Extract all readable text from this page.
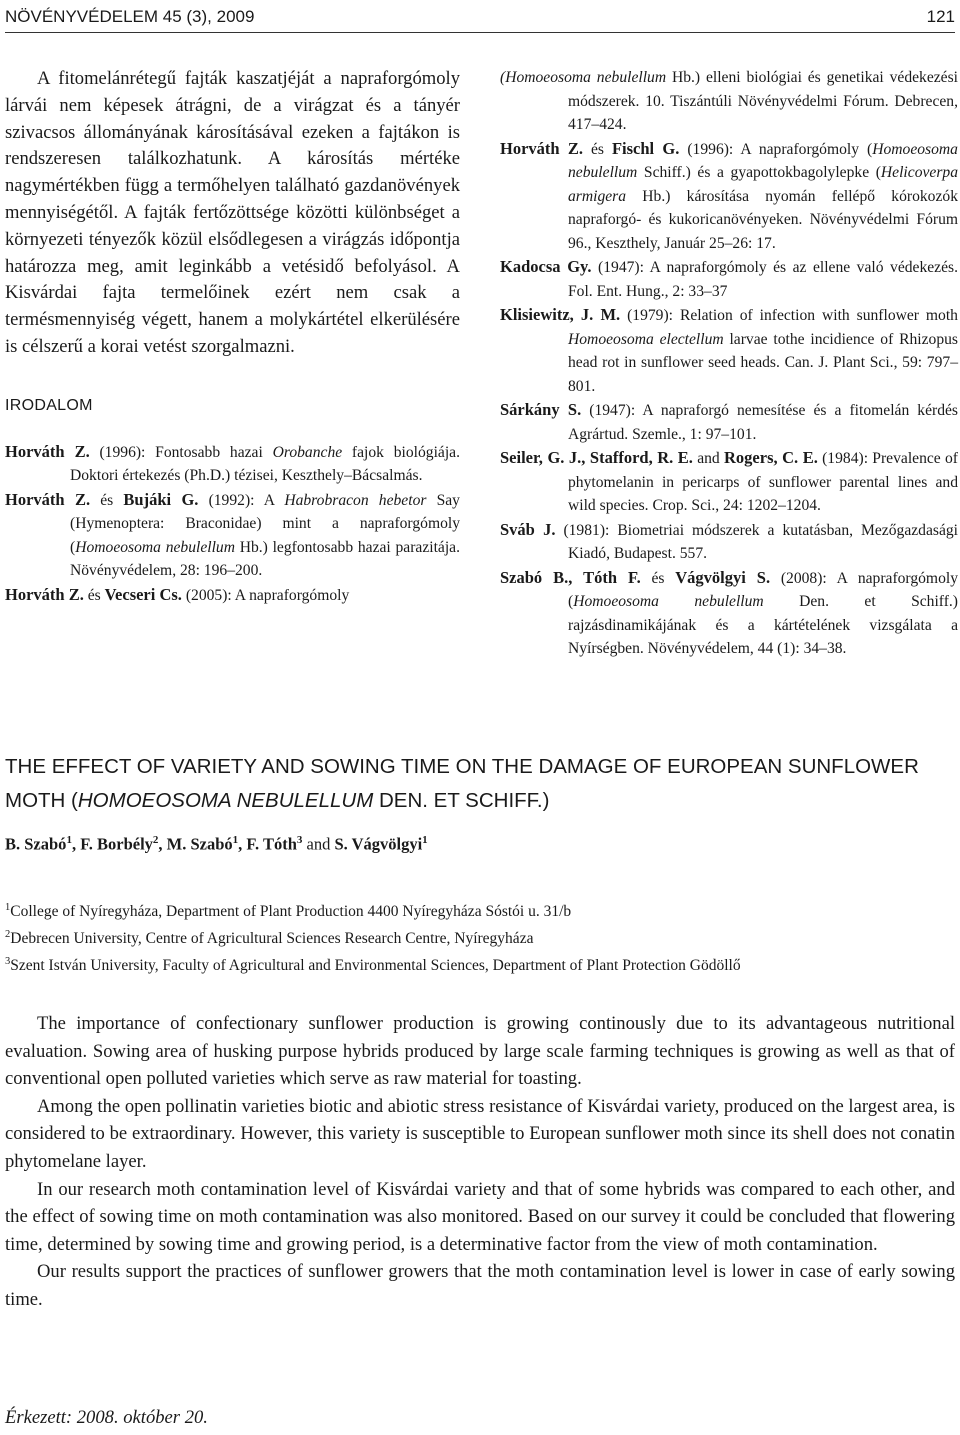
NÖVÉNYVÉDELEM 45 (3), 2009	121

A fitomelánrétegű fajták kaszatjéját a napraforgómoly lárvái nem képesek átrágni, de a virágzat és a tányér szivacsos állományának károsításával ezeken a fajtákon is rendszeresen találkozhatunk. A károsítás mértéke nagymértékben függ a termőhelyen található gazdanövények mennyiségétől. A fajták fertőzöttsége közötti különbséget a környezeti tényezők közül elsődlegesen a virágzás időpontja határozza meg, amit leginkább a vetésidő befolyásol. A Kisvárdai fajta termelőinek ezért nem csak a termésmennyiség végett, hanem a molykártétel elkerülésére is célszerű a korai vetést szorgalmazni.

IRODALOM

Horváth Z. (1996): Fontosabb hazai Orobanche fajok biológiája. Doktori értekezés (Ph.D.) tézisei, Keszthely–Bácsalmás.

Horváth Z. és Bujáki G. (1992): A Habrobracon hebetor Say (Hymenoptera: Braconidae) mint a napraforgómoly (Homoeosoma nebulellum Hb.) legfontosabb hazai parazitája. Növényvédelem, 28: 196–200.

Horváth Z. és Vecseri Cs. (2005): A napraforgómoly

(Homoeosoma nebulellum Hb.) elleni biológiai és genetikai védekezési módszerek. 10. Tiszántúli Növényvédelmi Fórum. Debrecen, 417–424.

Horváth Z. és Fischl G. (1996): A napraforgómoly (Homoeosoma nebulellum Schiff.) és a gyapottokbagolylepke (Helicoverpa armigera Hb.) károsítása nyomán fellépő kórokozók napraforgó- és kukoricanövényeken. Növényvédelmi Fórum 96., Keszthely, Január 25–26: 17.

Kadocsa Gy. (1947): A napraforgómoly és az ellene való védekezés. Fol. Ent. Hung., 2: 33–37

Klisiewitz, J. M. (1979): Relation of infection with sunflower moth Homoeosoma electellum larvae tothe incidience of Rhizopus head rot in sunflower seed heads. Can. J. Plant Sci., 59: 797–801.

Sárkány S. (1947): A napraforgó nemesítése és a fitomelán kérdés Agrártud. Szemle., 1: 97–101.

Seiler, G. J., Stafford, R. E. and Rogers, C. E. (1984): Prevalence of phytomelanin in pericarps of sunflower parental lines and wild species. Crop. Sci., 24: 1202–1204.

Sváb J. (1981): Biometriai módszerek a kutatásban, Mezőgazdasági Kiadó, Budapest. 557.

Szabó B., Tóth F. és Vágvölgyi S. (2008): A napraforgómoly (Homoeosoma nebulellum Den. et Schiff.) rajzásdinamikájának és a kártételének vizsgálata a Nyírségben. Növényvédelem, 44 (1): 34–38.

THE EFFECT OF VARIETY AND SOWING TIME ON THE DAMAGE OF EUROPEAN SUNFLOWER MOTH (HOMOEOSOMA NEBULELLUM DEN. ET SCHIFF.)
B. Szabó$^1$, F. Borbély$^2$, M. Szabó$^1$, F. Tóth$^3$ and S. Vágvölgyi$^1$
$^1$College of Nyíregyháza, Department of Plant Production 4400 Nyíregyháza Sóstói u. 31/b
$^2$Debrecen University, Centre of Agricultural Sciences Research Centre, Nyíregyháza
$^3$Szent István University, Faculty of Agricultural and Environmental Sciences, Department of Plant Protection Gödöllő

The importance of confectionary sunflower production is growing continously due to its advantageous nutritional evaluation. Sowing area of husking purpose hybrids produced by large scale farming techniques is growing as well as that of conventional open polluted varieties which serve as raw material for toasting.

Among the open pollinatin varieties biotic and abiotic stress resistance of Kisvárdai variety, produced on the largest area, is considered to be extraordinary. However, this variety is susceptible to European sunflower moth since its shell does not conatin phytomelane layer.

In our research moth contamination level of Kisvárdai variety and that of some hybrids was compared to each other, and the effect of sowing time on moth contamination was also monitored. Based on our survey it could be concluded that flowering time, determined by sowing time and growing period, is a determinative factor from the view of moth contamination.

Our results support the practices of sunflower growers that the moth contamination level is lower in case of early sowing time.

Érkezett: 2008. október 20.
